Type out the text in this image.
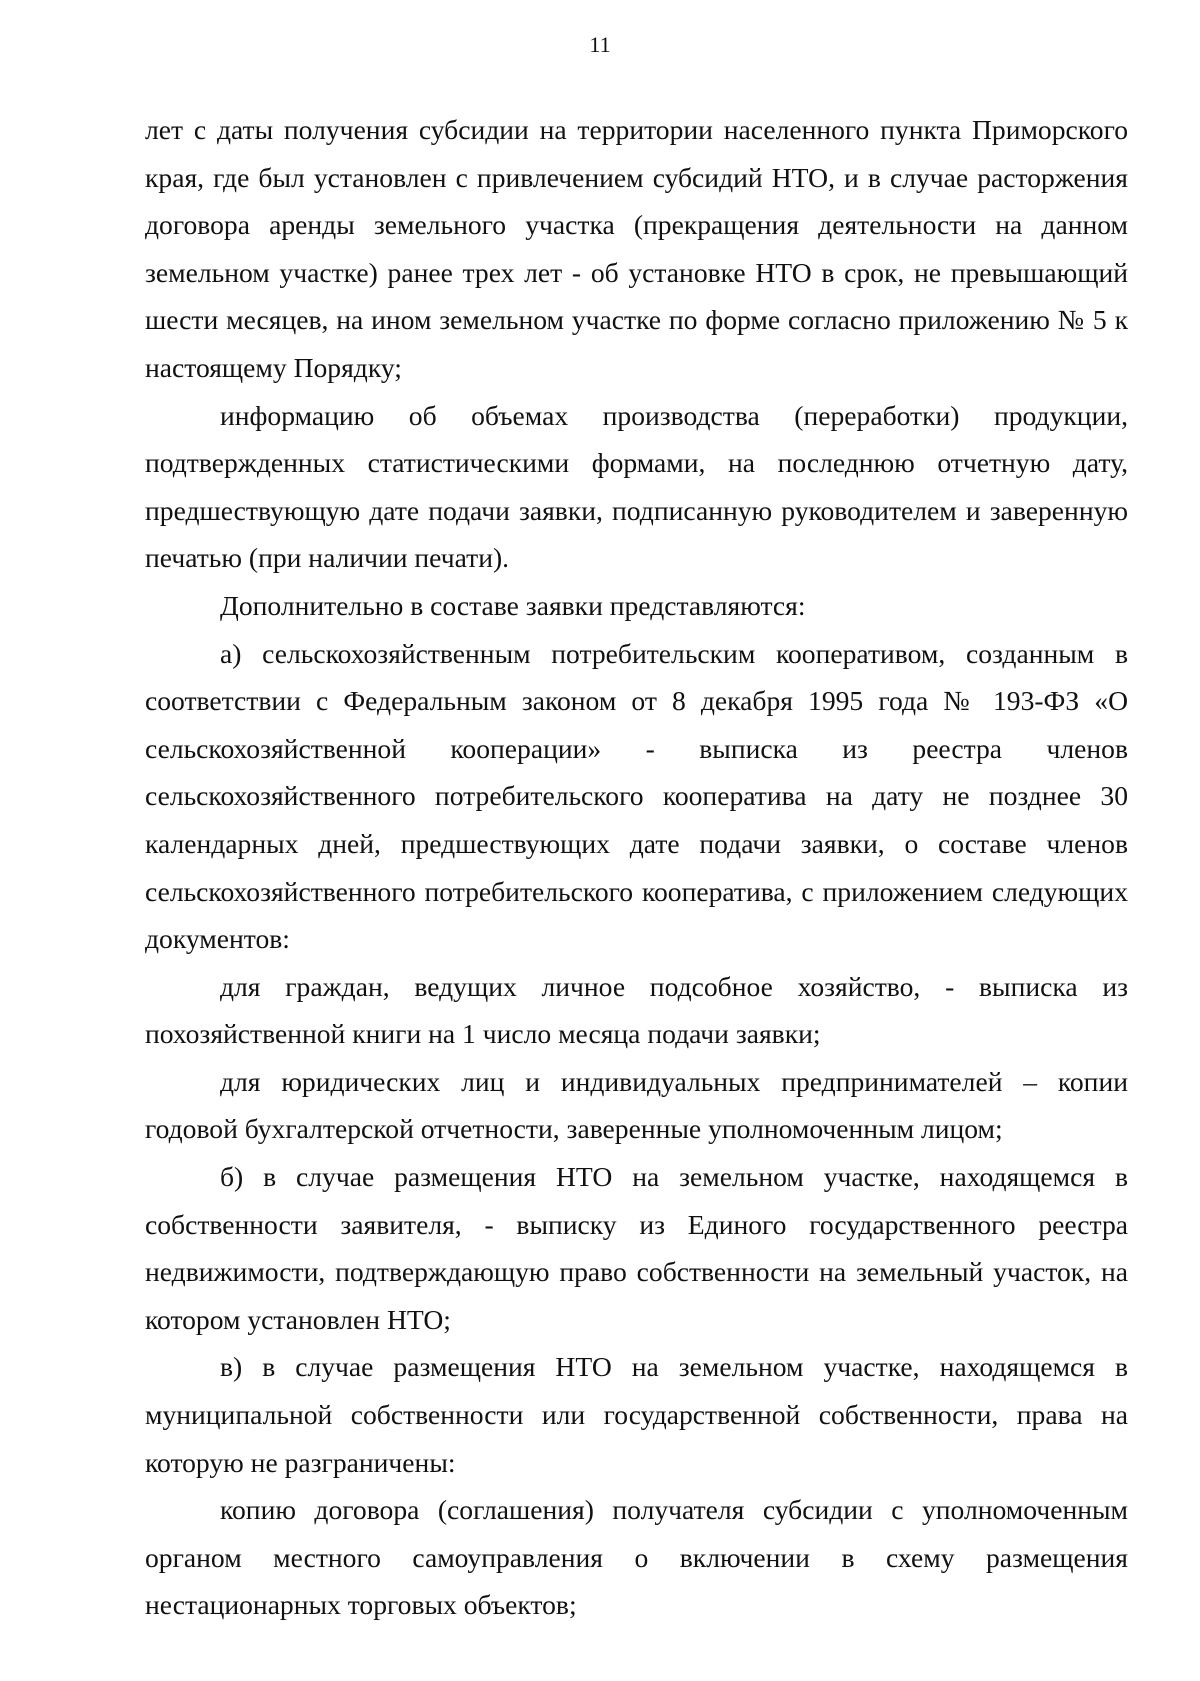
11

лет с даты получения субсидии на территории населенного пункта Приморского края, где был установлен с привлечением субсидий НТО, и в случае расторжения договора аренды земельного участка (прекращения деятельности на данном земельном участке) ранее трех лет - об установке НТО в срок, не превышающий шести месяцев, на ином земельном участке по форме согласно приложению № 5 к настоящему Порядку;

информацию об объемах производства (переработки) продукции, подтвержденных статистическими формами, на последнюю отчетную дату, предшествующую дате подачи заявки, подписанную руководителем и заверенную печатью (при наличии печати).

Дополнительно в составе заявки представляются:

а) сельскохозяйственным потребительским кооперативом, созданным в соответствии с Федеральным законом от 8 декабря 1995 года № 193-ФЗ «О сельскохозяйственной кооперации» - выписка из реестра членов сельскохозяйственного потребительского кооператива на дату не позднее 30 календарных дней, предшествующих дате подачи заявки, о составе членов сельскохозяйственного потребительского кооператива, с приложением следующих документов:

для граждан, ведущих личное подсобное хозяйство, - выписка из похозяйственной книги на 1 число месяца подачи заявки;

для юридических лиц и индивидуальных предпринимателей – копии годовой бухгалтерской отчетности, заверенные уполномоченным лицом;

б) в случае размещения НТО на земельном участке, находящемся в собственности заявителя, - выписку из Единого государственного реестра недвижимости, подтверждающую право собственности на земельный участок, на котором установлен НТО;

в) в случае размещения НТО на земельном участке, находящемся в муниципальной собственности или государственной собственности, права на которую не разграничены:

копию договора (соглашения) получателя субсидии с уполномоченным органом местного самоуправления о включении в схему размещения нестационарных торговых объектов;
